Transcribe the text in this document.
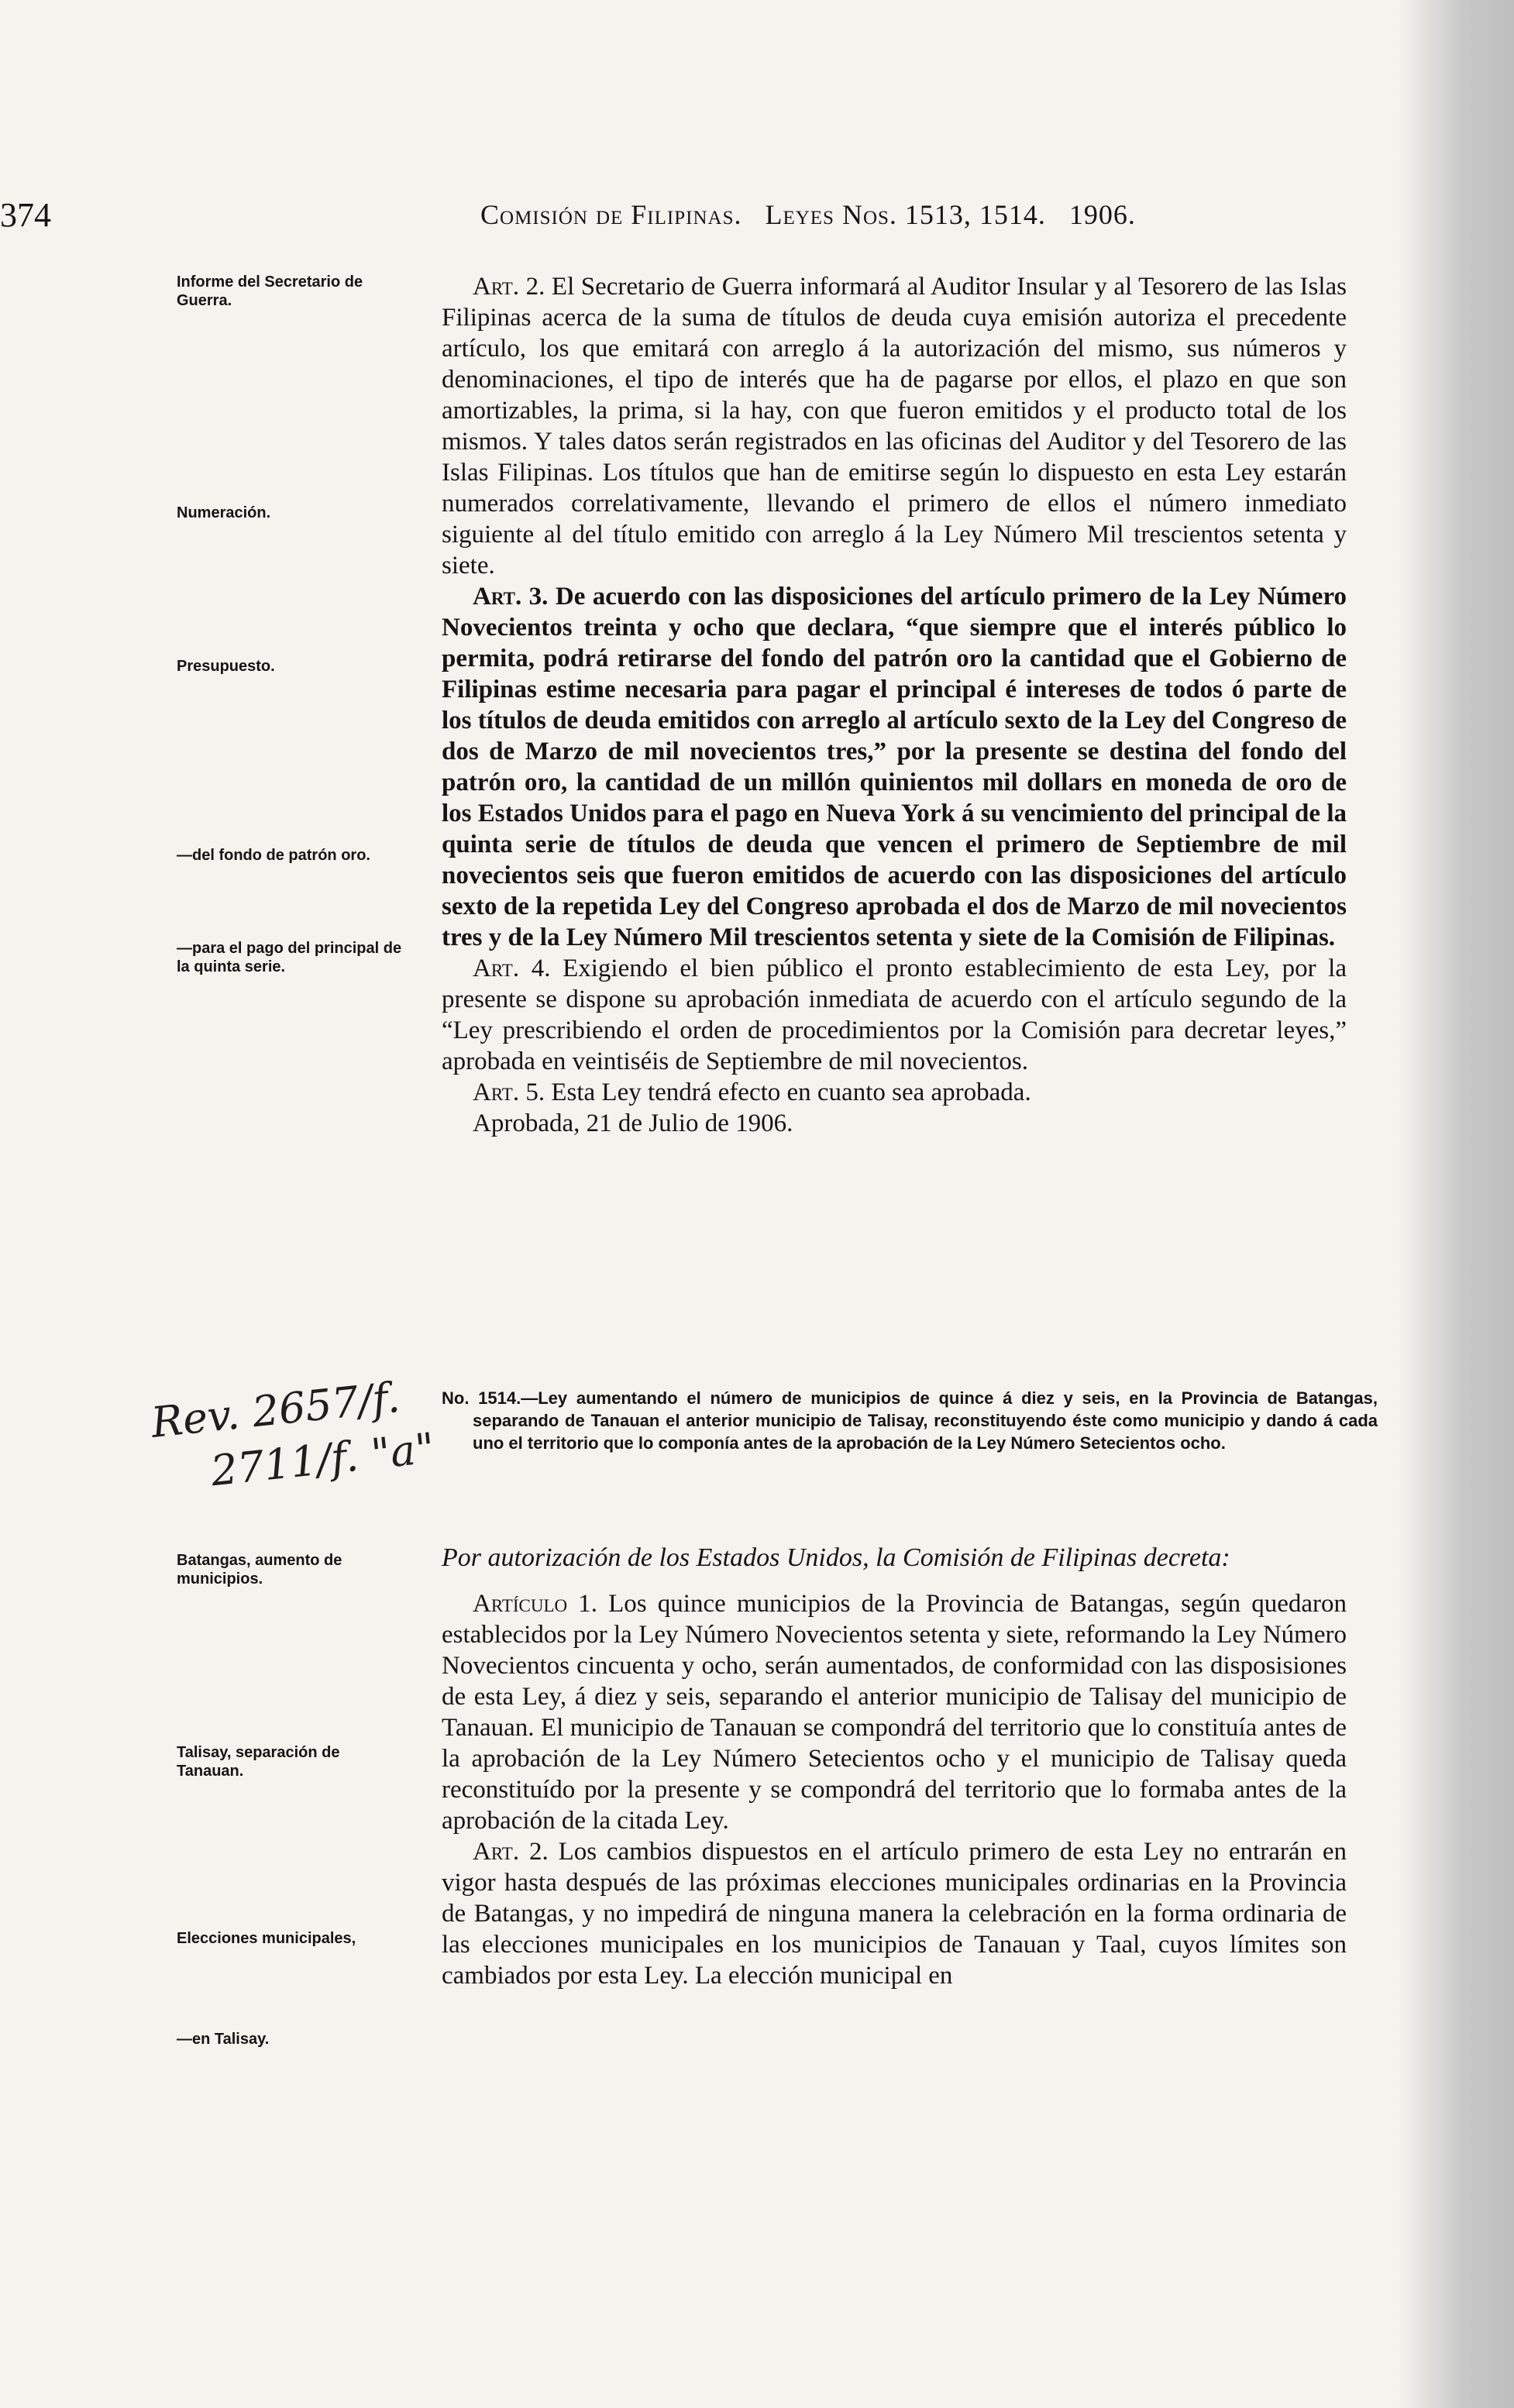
374	Comisión de Filipinas. Leyes Nos. 1513, 1514. 1906.
Informe del Secretario de Guerra.
Numeración.
Presupuesto.
—del fondo de patrón oro.
—para el pago del principal de la quinta serie.
Batangas, aumento de municipios.
Talisay, separación de Tanauan.
Elecciones municipales,
—en Talisay.

Art. 2. El Secretario de Guerra informará al Auditor Insular y al Tesorero de las Islas Filipinas acerca de la suma de títulos de deuda cuya emisión autoriza el precedente artículo, los que emitará con arreglo á la autorización del mismo, sus números y denominaciones, el tipo de interés que ha de pagarse por ellos, el plazo en que son amortizables, la prima, si la hay, con que fueron emitidos y el producto total de los mismos. Y tales datos serán registrados en las oficinas del Auditor y del Tesorero de las Islas Filipinas. Los títulos que han de emitirse según lo dispuesto en esta Ley estarán numerados correlativamente, llevando el primero de ellos el número inmediato siguiente al del título emitido con arreglo á la Ley Número Mil trescientos setenta y siete.

Art. 3. De acuerdo con las disposiciones del artículo primero de la Ley Número Novecientos treinta y ocho que declara, “que siempre que el interés público lo permita, podrá retirarse del fondo del patrón oro la cantidad que el Gobierno de Filipinas estime necesaria para pagar el principal é intereses de todos ó parte de los títulos de deuda emitidos con arreglo al artículo sexto de la Ley del Congreso de dos de Marzo de mil novecientos tres,” por la presente se destina del fondo del patrón oro, la cantidad de un millón quinientos mil dollars en moneda de oro de los Estados Unidos para el pago en Nueva York á su vencimiento del principal de la quinta serie de títulos de deuda que vencen el primero de Septiembre de mil novecientos seis que fueron emitidos de acuerdo con las disposiciones del artículo sexto de la repetida Ley del Congreso aprobada el dos de Marzo de mil novecientos tres y de la Ley Número Mil trescientos setenta y siete de la Comisión de Filipinas.

Art. 4. Exigiendo el bien público el pronto establecimiento de esta Ley, por la presente se dispone su aprobación inmediata de acuerdo con el artículo segundo de la “Ley prescribiendo el orden de procedimientos por la Comisión para decretar leyes,” aprobada en veintiséis de Septiembre de mil novecientos.

Art. 5. Esta Ley tendrá efecto en cuanto sea aprobada.

Aprobada, 21 de Julio de 1906.

Rev. 2657/f.
2711/f. "a"
No. 1514.—Ley aumentando el número de municipios de quince á diez y seis, en la Provincia de Batangas, separando de Tanauan el anterior municipio de Talisay, reconstituyendo éste como municipio y dando á cada uno el territorio que lo componía antes de la aprobación de la Ley Número Setecientos ocho.

Por autorización de los Estados Unidos, la Comisión de Filipinas decreta:

Artículo 1. Los quince municipios de la Provincia de Batangas, según quedaron establecidos por la Ley Número Novecientos setenta y siete, reformando la Ley Número Novecientos cincuenta y ocho, serán aumentados, de conformidad con las disposisiones de esta Ley, á diez y seis, separando el anterior municipio de Talisay del municipio de Tanauan. El municipio de Tanauan se compondrá del territorio que lo constituía antes de la aprobación de la Ley Número Setecientos ocho y el municipio de Talisay queda reconstituído por la presente y se compondrá del territorio que lo formaba antes de la aprobación de la citada Ley.

Art. 2. Los cambios dispuestos en el artículo primero de esta Ley no entrarán en vigor hasta después de las próximas elecciones municipales ordinarias en la Provincia de Batangas, y no impedirá de ninguna manera la celebración en la forma ordinaria de las elecciones municipales en los municipios de Tanauan y Taal, cuyos límites son cambiados por esta Ley. La elección municipal en
